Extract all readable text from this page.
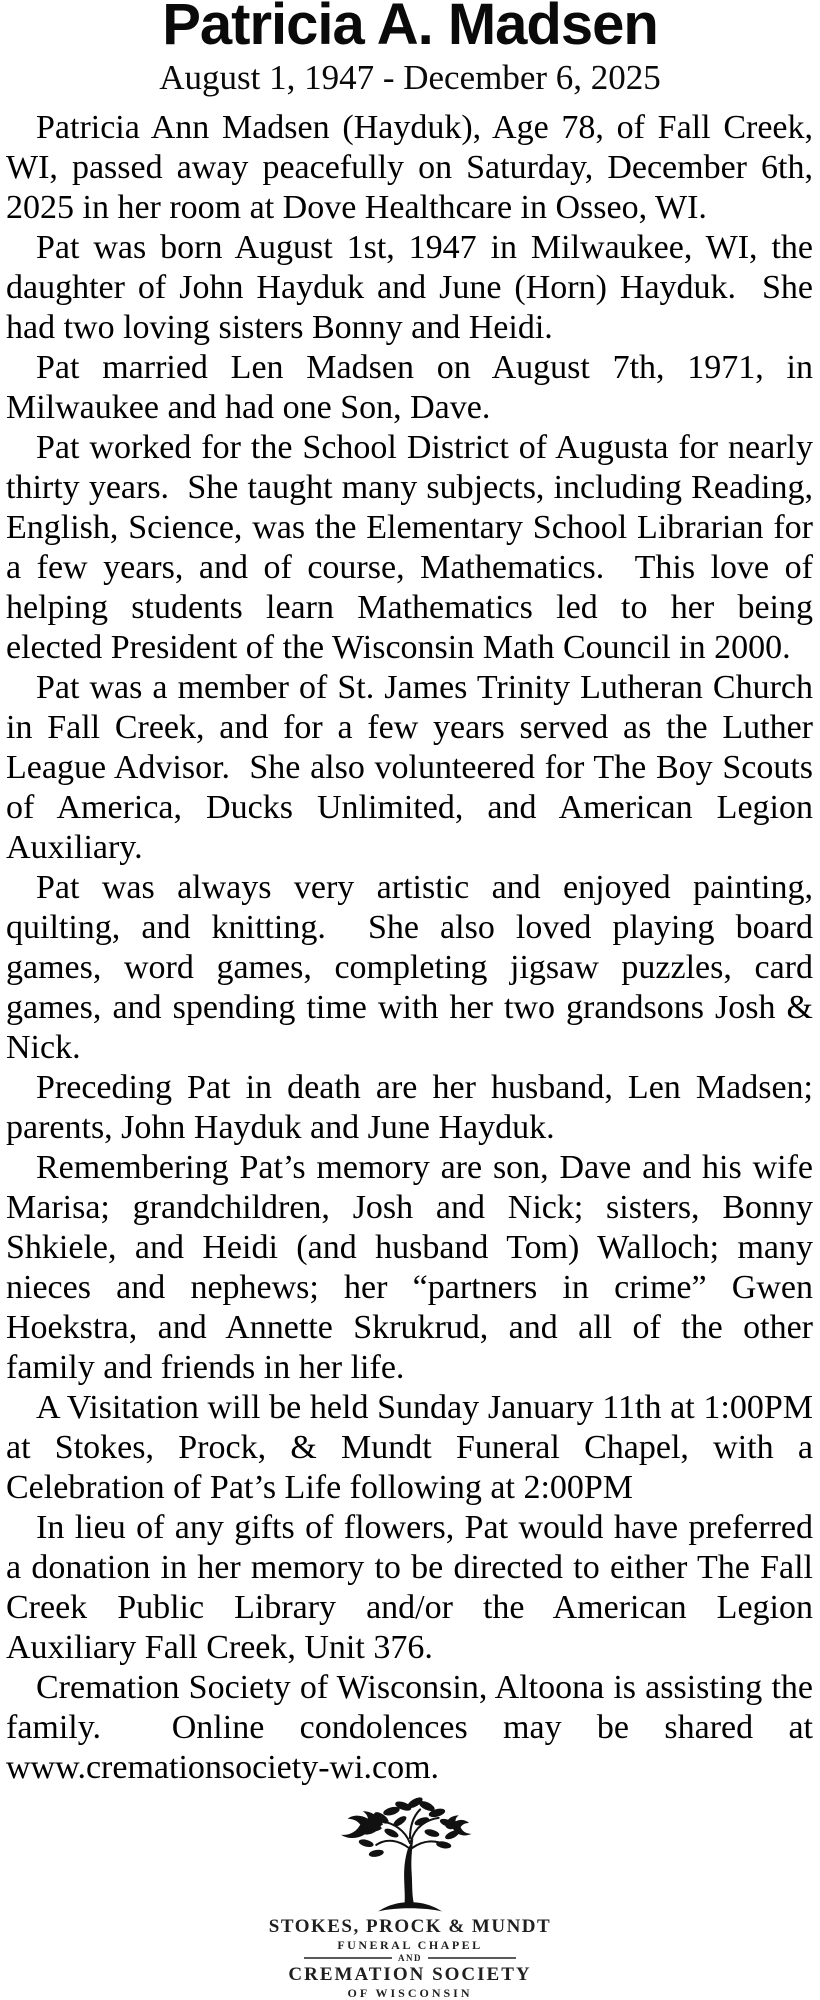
Patricia A. Madsen
August 1, 1947 - December 6, 2025

Patricia Ann Madsen (Hayduk), Age 78, of Fall Creek, WI, passed away peacefully on Saturday, December 6th, 2025 in her room at Dove Healthcare in Osseo, WI.

Pat was born August 1st, 1947 in Milwaukee, WI, the daughter of John Hayduk and June (Horn) Hayduk.  She had two loving sisters Bonny and Heidi.

Pat married Len Madsen on August 7th, 1971, in Milwaukee and had one Son, Dave.

Pat worked for the School District of Augusta for nearly thirty years.  She taught many subjects, including Reading, English, Science, was the Elementary School Librarian for a few years, and of course, Mathematics.  This love of helping students learn Mathematics led to her being elected President of the Wisconsin Math Council in 2000.

Pat was a member of St. James Trinity Lutheran Church in Fall Creek, and for a few years served as the Luther League Advisor.  She also volunteered for The Boy Scouts of America, Ducks Unlimited, and American Legion Auxiliary.

Pat was always very artistic and enjoyed painting, quilting, and knitting.  She also loved playing board games, word games, completing jigsaw puzzles, card games, and spending time with her two grandsons Josh & Nick.

Preceding Pat in death are her husband, Len Madsen; parents, John Hayduk and June Hayduk.

Remembering Pat’s memory are son, Dave and his wife Marisa; grandchildren, Josh and Nick; sisters, Bonny Shkiele, and Heidi (and husband Tom) Walloch; many nieces and nephews; her “partners in crime” Gwen Hoekstra, and Annette Skrukrud, and all of the other family and friends in her life.

A Visitation will be held Sunday January 11th at 1:00PM at Stokes, Prock, & Mundt Funeral Chapel, with a Celebration of Pat’s Life following at 2:00PM

In lieu of any gifts of flowers, Pat would have preferred a donation in her memory to be directed to either The Fall Creek Public Library and/or the American Legion Auxiliary Fall Creek, Unit 376.

Cremation Society of Wisconsin, Altoona is assisting the family.  Online condolences may be shared at www.cremationsociety-wi.com.

STOKES, PROCK & MUNDT
FUNERAL CHAPEL
AND
CREMATION SOCIETY
OF WISCONSIN
